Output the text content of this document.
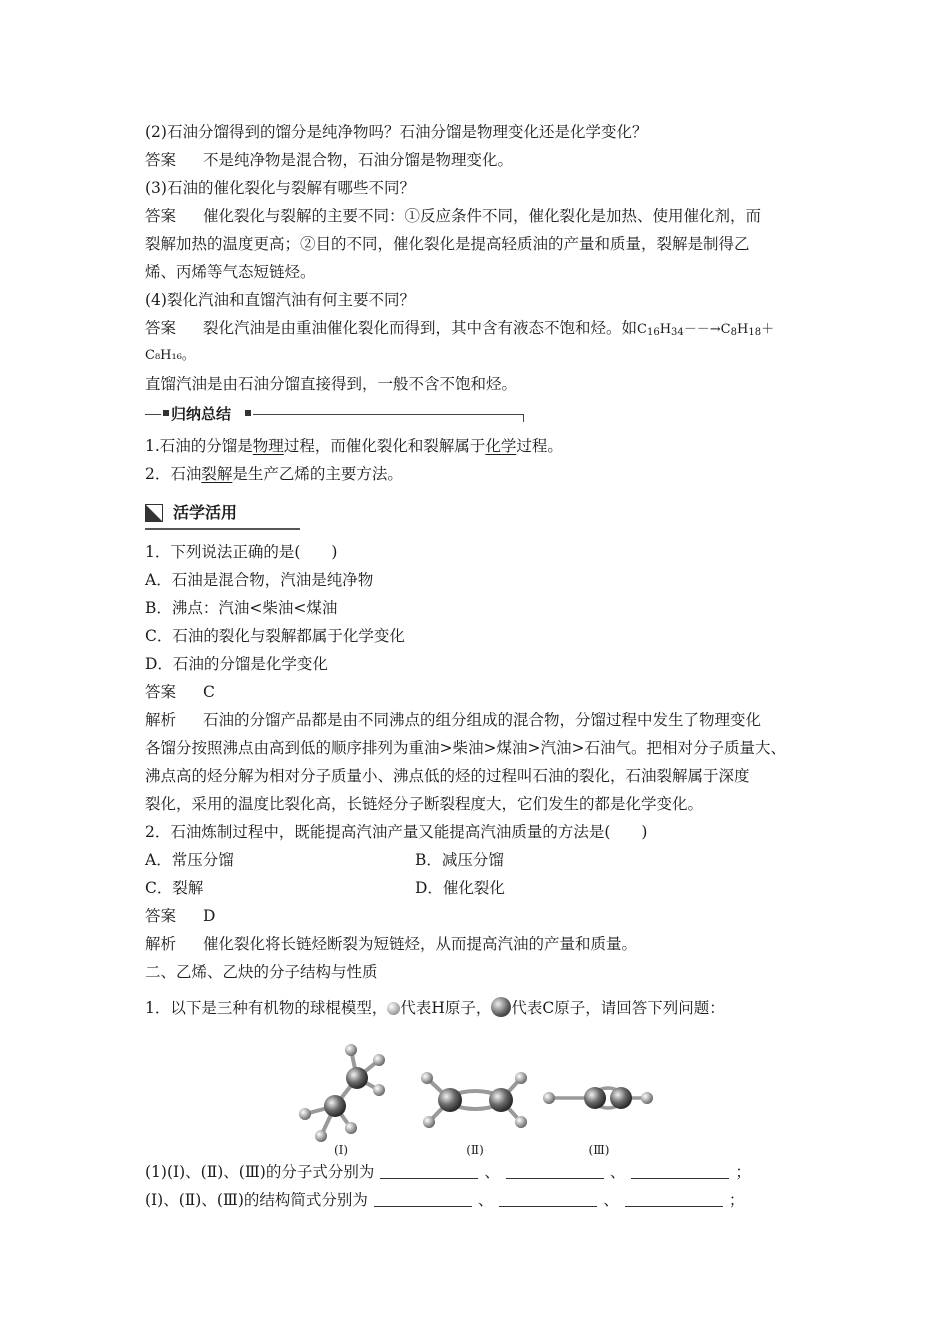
(2)石油分馏得到的馏分是纯净物吗？石油分馏是物理变化还是化学变化？
答案 不是纯净物是混合物，石油分馏是物理变化。
(3)石油的催化裂化与裂解有哪些不同？
答案 催化裂化与裂解的主要不同：①反应条件不同，催化裂化是加热、使用催化剂，而
裂解加热的温度更高；②目的不同，催化裂化是提高轻质油的产量和质量，裂解是制得乙
烯、丙烯等气态短链烃。
(4)裂化汽油和直馏汽油有何主要不同？
答案 裂化汽油是由重油催化裂化而得到，其中含有液态不饱和烃。如$C_{16}H_{34}--\to C_8H_{18}+$
C₈H₁₆。
直馏汽油是由石油分馏直接得到，一般不含不饱和烃。
归纳总结
1.石油的分馏是物理过程，而催化裂化和裂解属于化学过程。
2．石油裂解是生产乙烯的主要方法。
活学活用
1．下列说法正确的是(　　)
A．石油是混合物，汽油是纯净物
B．沸点：汽油<柴油<煤油
C．石油的裂化与裂解都属于化学变化
D．石油的分馏是化学变化
答案 C
解析 石油的分馏产品都是由不同沸点的组分组成的混合物，分馏过程中发生了物理变化
各馏分按照沸点由高到低的顺序排列为重油>柴油>煤油>汽油>石油气。把相对分子质量大、
沸点高的烃分解为相对分子质量小、沸点低的烃的过程叫石油的裂化，石油裂解属于深度
裂化，采用的温度比裂化高，长链烃分子断裂程度大，它们发生的都是化学变化。
2．石油炼制过程中，既能提高汽油产量又能提高汽油质量的方法是(　　)
A．常压分馏	B．减压分馏
C．裂解	D．催化裂化
答案 D
解析 催化裂化将长链烃断裂为短链烃，从而提高汽油的产量和质量。
二、乙烯、乙炔的分子结构与性质
1．以下是三种有机物的球棍模型， 代表H原子， 代表C原子，请回答下列问题：
(Ⅰ)	(Ⅱ)	(Ⅲ)
(1)(Ⅰ)、(Ⅱ)、(Ⅲ)的分子式分别为	、	、	；
(Ⅰ)、(Ⅱ)、(Ⅲ)的结构简式分别为	、	、	；
